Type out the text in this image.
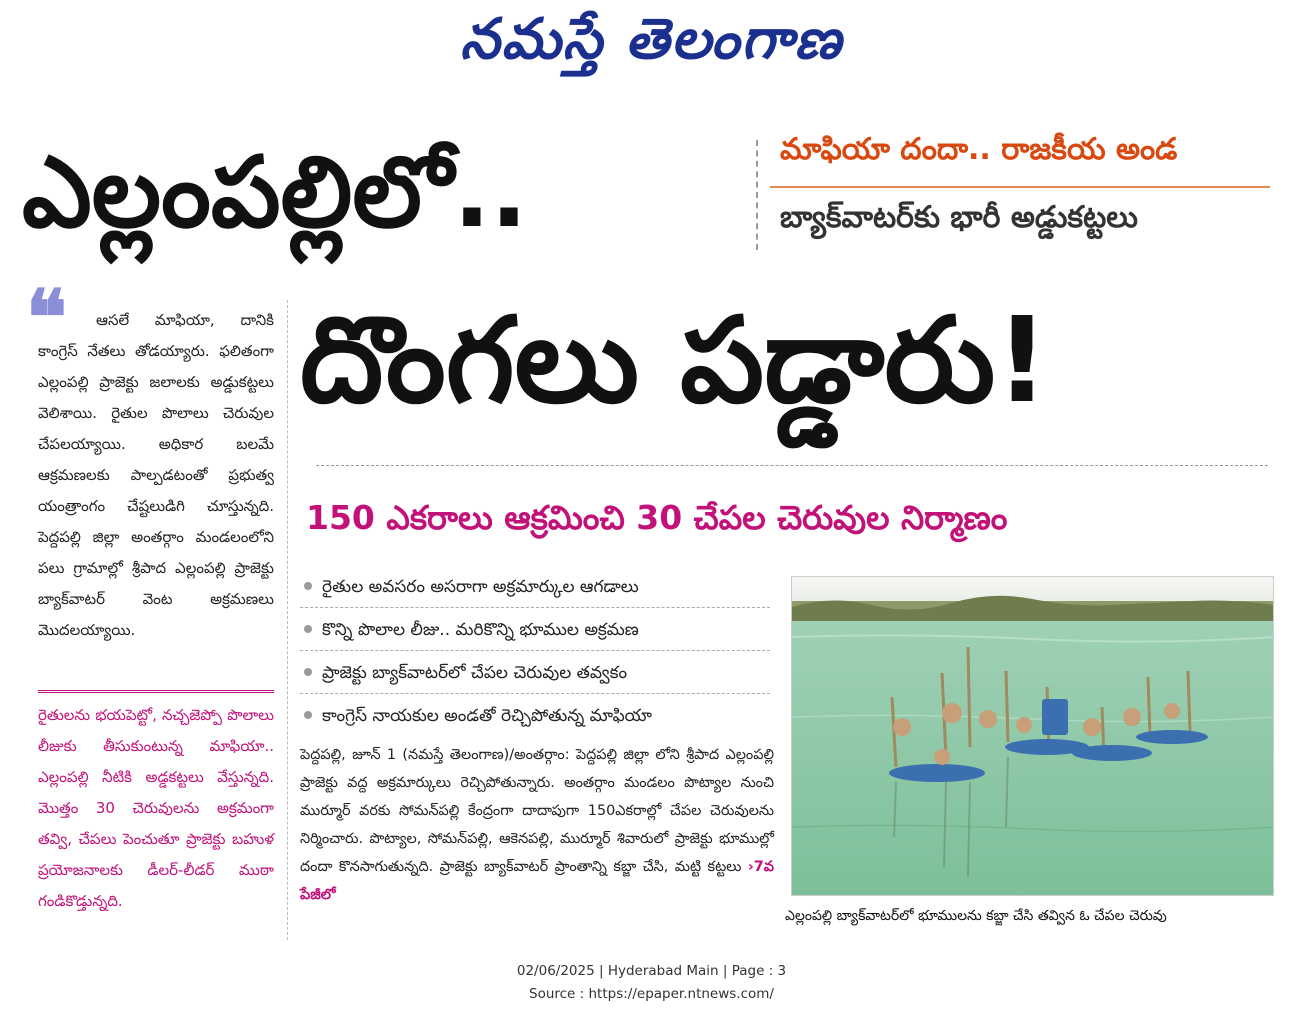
నమస్తే తెలంగాణ
ఎల్లంపల్లిలో..	మాఫియా దందా.. రాజకీయ అండ
బ్యాక్‌వాటర్‌కు భారీ అడ్డుకట్టలు
దొంగలు పడ్డారు!
❝	ఆసలే మాఫియా, దానికి కాంగ్రెస్ నేతలు తోడయ్యారు. ఫలితంగా ఎల్లంపల్లి ప్రాజెక్టు జలాలకు అడ్డుకట్టలు వెలిశాయి. రైతుల పొలాలు చెరువుల చేపలయ్యాయి. అధికార బలమే ఆక్రమణలకు పాల్పడటంతో ప్రభుత్వ యంత్రాంగం చేష్టలుడిగి చూస్తున్నది. పెద్దపల్లి జిల్లా అంతర్గాం మండలంలోని పలు గ్రామాల్లో శ్రీపాద ఎల్లంపల్లి ప్రాజెక్టు బ్యాక్‌వాటర్ వెంట అక్రమణలు మొదలయ్యాయి.

రైతులను భయపెట్టో, నచ్చజెప్పో పొలాలు లీజుకు తీసుకుంటున్న మాఫియా.. ఎల్లంపల్లి నీటికి అడ్డకట్టలు వేస్తున్నది. మొత్తం 30 చెరువులను అక్రమంగా తవ్వి, చేపలు పెంచుతూ ప్రాజెక్టు బహుళ ప్రయోజనాలకు డీలర్-లీడర్ ముఠా గండికొడ్తున్నది.
150 ఎకరాలు ఆక్రమించి 30 చేపల చెరువుల నిర్మాణం
రైతుల అవసరం అసరాగా అక్రమార్కుల ఆగడాలు
కొన్ని పొలాల లీజు.. మరికొన్ని భూముల అక్రమణ
ప్రాజెక్టు బ్యాక్‌వాటర్‌లో చేపల చెరువుల తవ్వకం
కాంగ్రెస్ నాయకుల అండతో రెచ్చిపోతున్న మాఫియా
పెద్దపల్లి, జూన్ 1 (నమస్తే తెలంగాణ)/అంతర్గాం: పెద్దపల్లి జిల్లా లోని శ్రీపాద ఎల్లంపల్లి ప్రాజెక్టు వద్ద అక్రమార్కులు రెచ్చిపోతున్నారు. అంతర్గాం మండలం పొట్యాల నుంచి ముర్మూర్ వరకు సోమన్‌పల్లి కేంద్రంగా దాదాపుగా 150ఎకరాల్లో చేపల చెరువులను నిర్మించారు. పొట్యాల, సోమన్‌పల్లి, ఆకెనపల్లి, ముర్మూర్ శివారులో ప్రాజెక్టు భూముల్లో దందా కొనసాగుతున్నది. ప్రాజెక్టు బ్యాక్‌వాటర్ ప్రాంతాన్ని కబ్జా చేసి, మట్టి కట్టలు ›7వ పేజీలో
ఎల్లంపల్లి బ్యాక్‌వాటర్‌లో భూములను కబ్జా చేసి తవ్విన ఓ చేపల చెరువు
02/06/2025 | Hyderabad Main | Page : 3
Source : https://epaper.ntnews.com/
